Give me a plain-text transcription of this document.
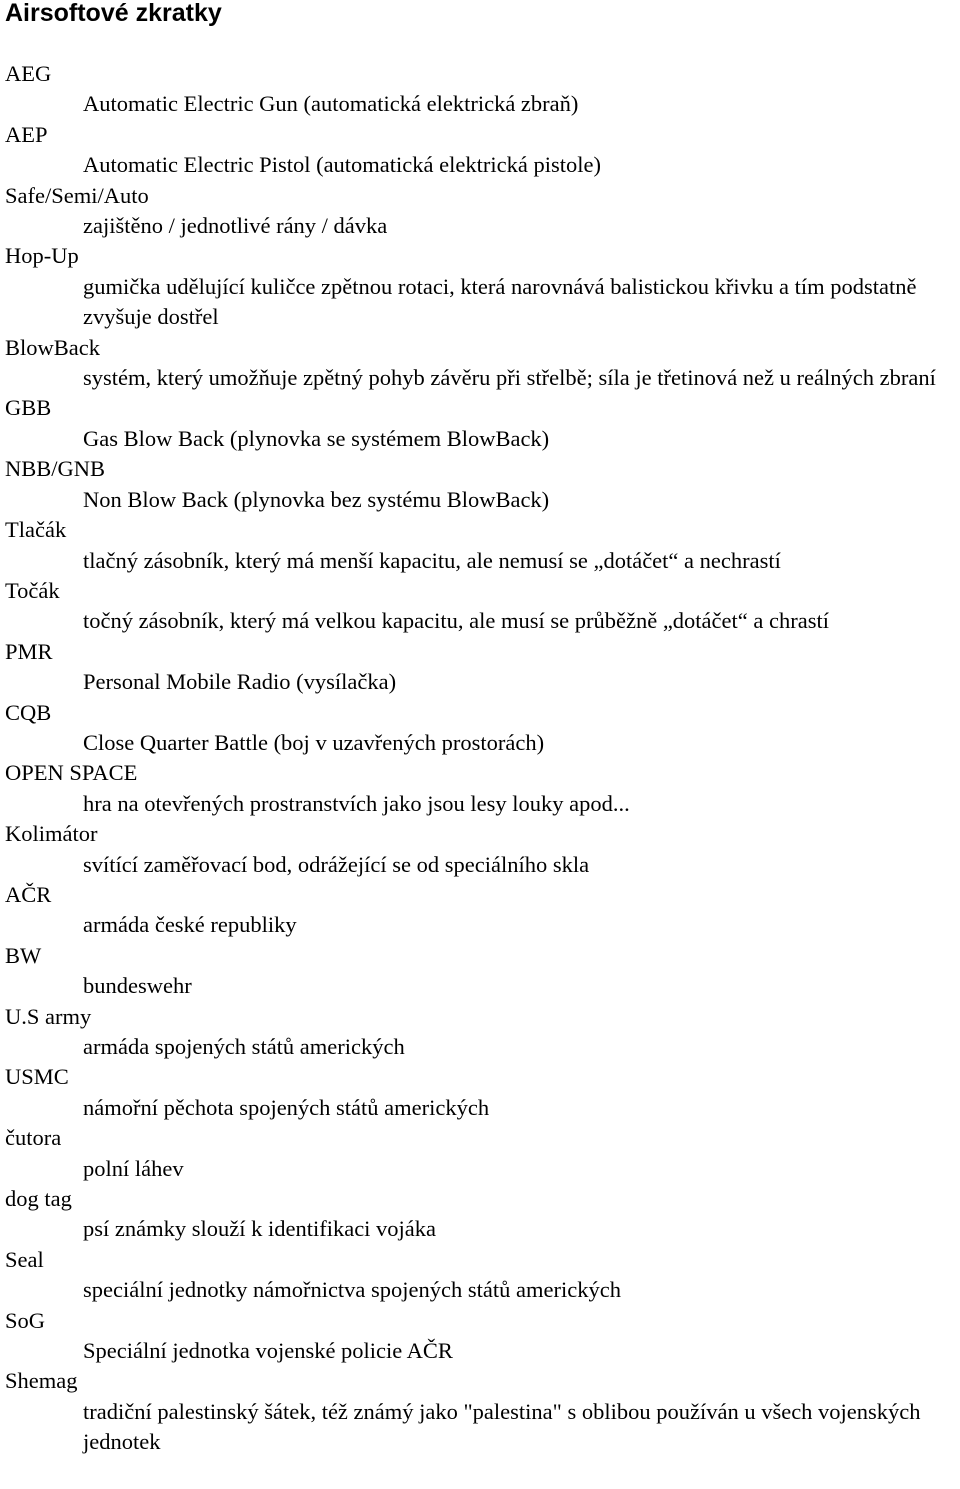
Airsoftové zkratky
AEG
Automatic Electric Gun (automatická elektrická zbraň)
AEP
Automatic Electric Pistol (automatická elektrická pistole)
Safe/Semi/Auto
zajištěno / jednotlivé rány / dávka
Hop-Up
gumička udělující kuličce zpětnou rotaci, která narovnává balistickou křivku a tím podstatně zvyšuje dostřel
BlowBack
systém, který umožňuje zpětný pohyb závěru při střelbě; síla je třetinová než u reálných zbraní
GBB
Gas Blow Back (plynovka se systémem BlowBack)
NBB/GNB
Non Blow Back (plynovka bez systému BlowBack)
Tlačák
tlačný zásobník, který má menší kapacitu, ale nemusí se „dotáčet“ a nechrastí
Točák
točný zásobník, který má velkou kapacitu, ale musí se průběžně „dotáčet“ a chrastí
PMR
Personal Mobile Radio (vysílačka)
CQB
Close Quarter Battle (boj v uzavřených prostorách)
OPEN SPACE
hra na otevřených prostranstvích jako jsou lesy louky apod...
Kolimátor
svítící zaměřovací bod, odrážející se od speciálního skla
AČR
armáda české republiky
BW
bundeswehr
U.S army
armáda spojených států amerických
USMC
námořní pěchota spojených států amerických
čutora
polní láhev
dog tag
psí známky slouží k identifikaci vojáka
Seal
speciální jednotky námořnictva spojených států amerických
SoG
Speciální jednotka vojenské policie AČR
Shemag
tradiční palestinský šátek, též známý jako "palestina" s oblibou používán u všech vojenských jednotek
